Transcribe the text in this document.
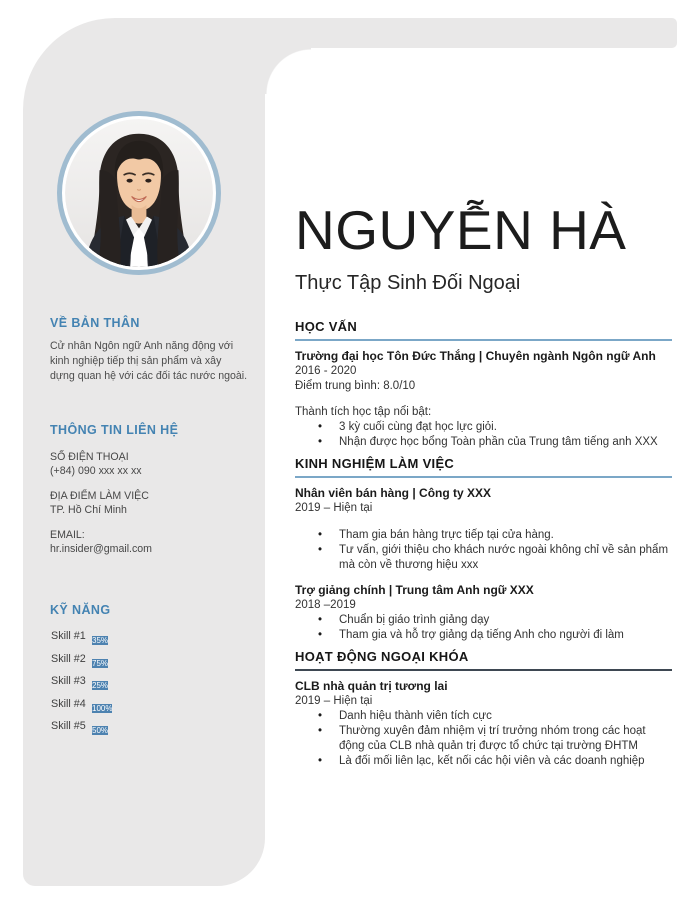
VỀ BẢN THÂN
Cử nhân Ngôn ngữ Anh năng động với kinh nghiệp tiếp thị sản phẩm và xây dựng quan hệ với các đối tác nước ngoài.
THÔNG TIN LIÊN HỆ
SỐ ĐIỆN THOẠI
(+84) 090 xxx xx xx
ĐỊA ĐIỂM LÀM VIỆC
TP. Hồ Chí Minh
EMAIL:
hr.insider@gmail.com
KỸ NĂNG
Skill #1 35%
Skill #2 75%
Skill #3 25%
Skill #4 100%
Skill #5 50%
NGUYỄN HÀ
Thực Tập Sinh Đối Ngoại
HỌC VẤN
Trường đại học Tôn Đức Thắng | Chuyên ngành Ngôn ngữ Anh
2016 - 2020
Điểm trung bình: 8.0/10
Thành tích học tập nổi bật:
• 3 kỳ cuối cùng đạt học lực giỏi.
• Nhận được học bổng Toàn phần của Trung tâm tiếng anh XXX
KINH NGHIỆM LÀM VIỆC
Nhân viên bán hàng | Công ty XXX
2019 – Hiện tại
• Tham gia bán hàng trực tiếp tại cửa hàng.
• Tư vấn, giới thiệu cho khách nước ngoài không chỉ về sản phẩm mà còn về thương hiệu xxx
Trợ giảng chính | Trung tâm Anh ngữ XXX
2018 –2019
• Chuẩn bị giáo trình giảng dạy
• Tham gia và hỗ trợ giảng dạ tiếng Anh cho người đi làm
HOẠT ĐỘNG NGOẠI KHÓA
CLB nhà quản trị tương lai
2019 – Hiện tại
• Danh hiệu thành viên tích cực
• Thường xuyên đảm nhiệm vị trí trưởng nhóm trong các hoạt động của CLB nhà quản trị được tổ chức tại trường ĐHTM
• Là đối mối liên lạc, kết nối các hội viên và các doanh nghiệp
